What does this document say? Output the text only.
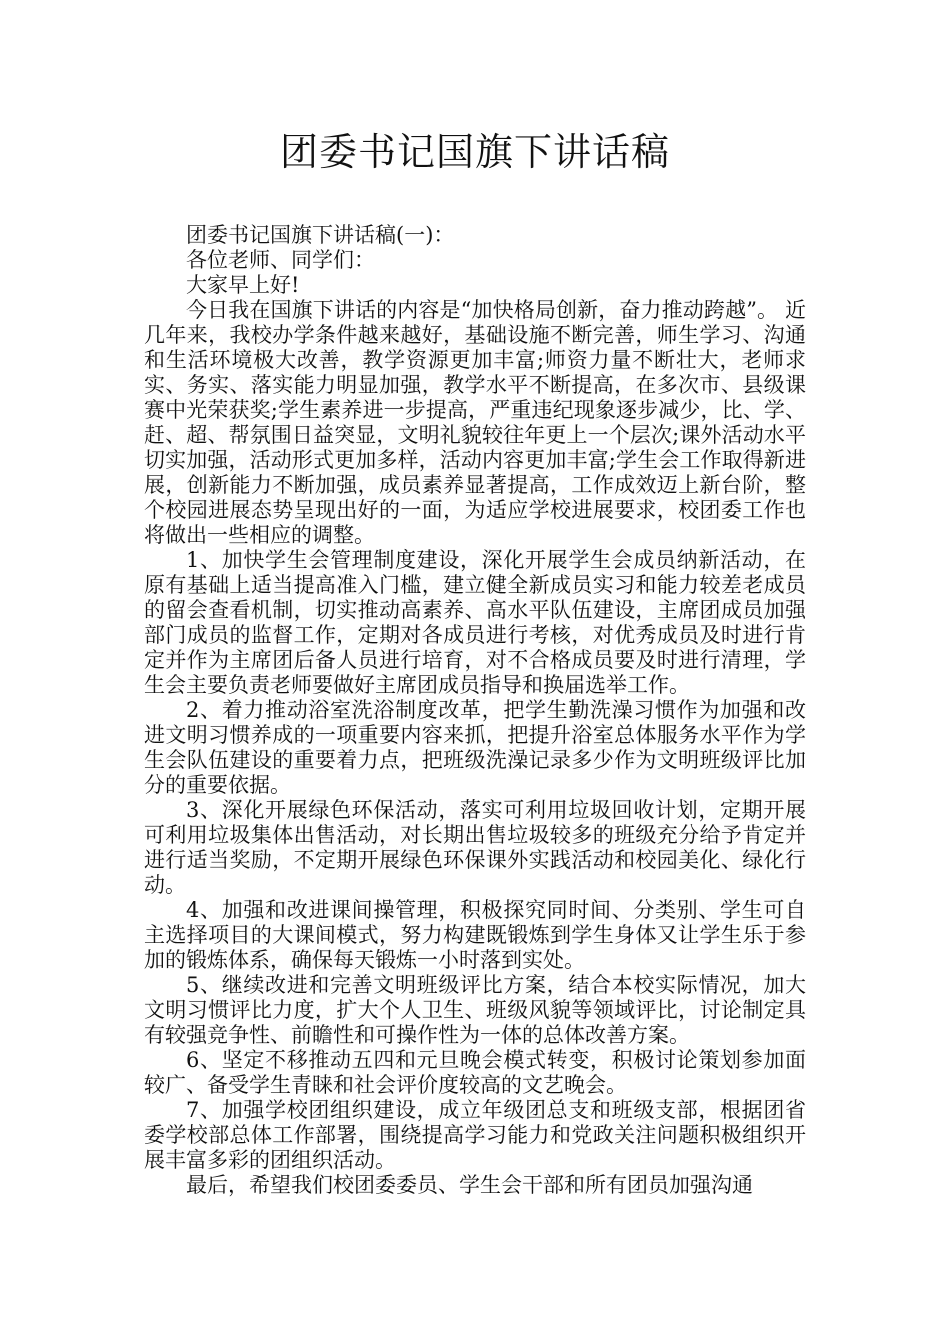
团委书记国旗下讲话稿

团委书记国旗下讲话稿(一)：

各位老师、同学们：

大家早上好!

今日我在国旗下讲话的内容是“加快格局创新，奋力推动跨越”。 近几年来，我校办学条件越来越好，基础设施不断完善，师生学习、沟通和生活环境极大改善，教学资源更加丰富;师资力量不断壮大，老师求实、务实、落实能力明显加强，教学水平不断提高，在多次市、县级课赛中光荣获奖;学生素养进一步提高，严重违纪现象逐步减少，比、学、赶、超、帮氛围日益突显，文明礼貌较往年更上一个层次;课外活动水平切实加强，活动形式更加多样，活动内容更加丰富;学生会工作取得新进展，创新能力不断加强，成员素养显著提高，工作成效迈上新台阶，整个校园进展态势呈现出好的一面，为适应学校进展要求，校团委工作也将做出一些相应的调整。

1、加快学生会管理制度建设，深化开展学生会成员纳新活动，在原有基础上适当提高准入门槛，建立健全新成员实习和能力较差老成员的留会查看机制，切实推动高素养、高水平队伍建设，主席团成员加强部门成员的监督工作，定期对各成员进行考核，对优秀成员及时进行肯定并作为主席团后备人员进行培育，对不合格成员要及时进行清理，学生会主要负责老师要做好主席团成员指导和换届选举工作。

2、着力推动浴室洗浴制度改革，把学生勤洗澡习惯作为加强和改进文明习惯养成的一项重要内容来抓，把提升浴室总体服务水平作为学生会队伍建设的重要着力点，把班级洗澡记录多少作为文明班级评比加分的重要依据。

3、深化开展绿色环保活动，落实可利用垃圾回收计划，定期开展可利用垃圾集体出售活动，对长期出售垃圾较多的班级充分给予肯定并进行适当奖励，不定期开展绿色环保课外实践活动和校园美化、绿化行动。

4、加强和改进课间操管理，积极探究同时间、分类别、学生可自主选择项目的大课间模式，努力构建既锻炼到学生身体又让学生乐于参加的锻炼体系，确保每天锻炼一小时落到实处。

5、继续改进和完善文明班级评比方案，结合本校实际情况，加大文明习惯评比力度，扩大个人卫生、班级风貌等领域评比，讨论制定具有较强竞争性、前瞻性和可操作性为一体的总体改善方案。

6、坚定不移推动五四和元旦晚会模式转变，积极讨论策划参加面较广、备受学生青睐和社会评价度较高的文艺晚会。

7、加强学校团组织建设，成立年级团总支和班级支部，根据团省委学校部总体工作部署，围绕提高学习能力和党政关注问题积极组织开展丰富多彩的团组织活动。

最后，希望我们校团委委员、学生会干部和所有团员加强沟通
